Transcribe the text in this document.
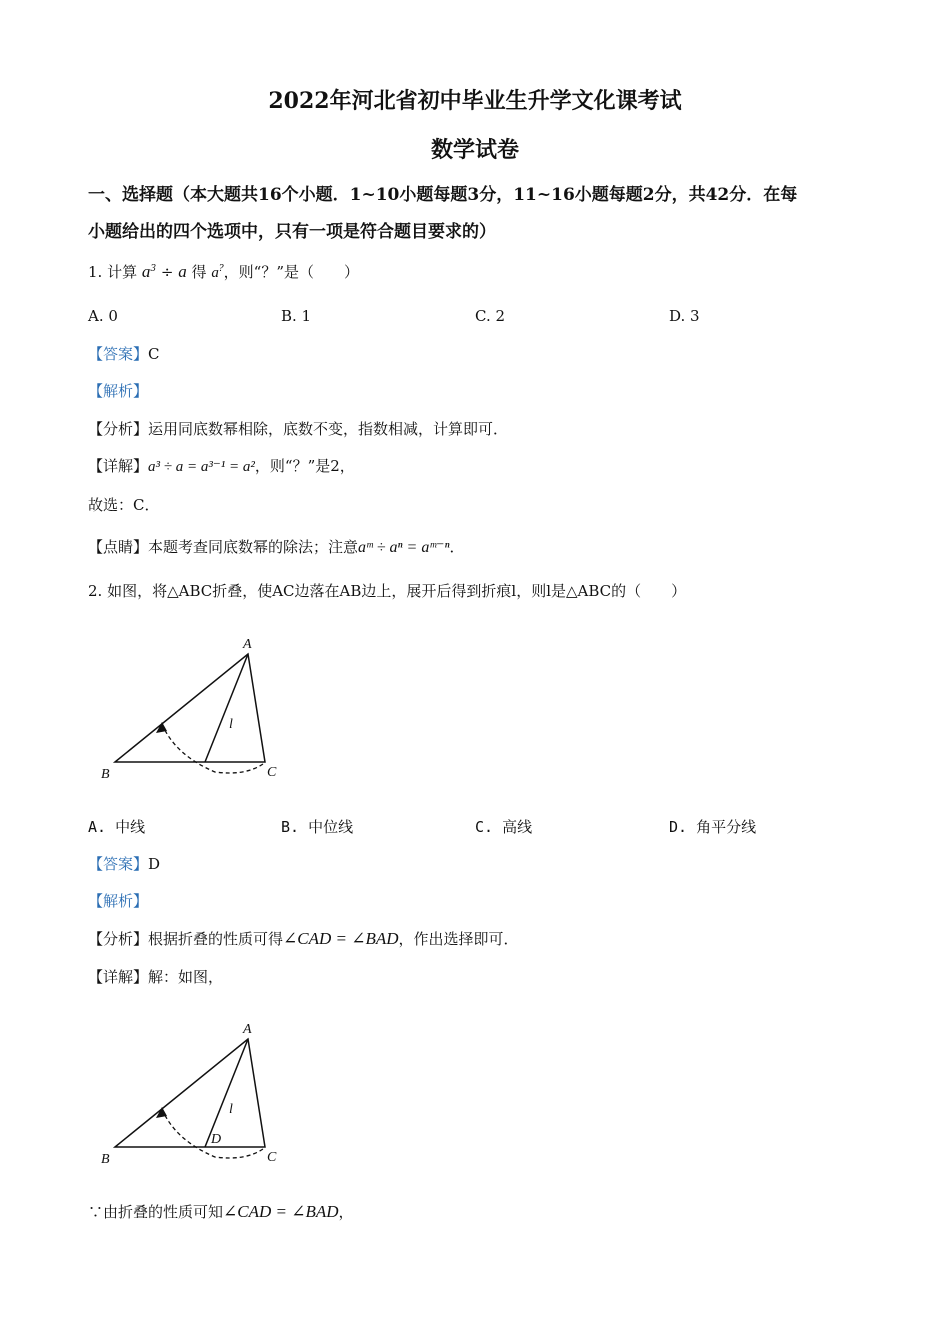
2022年河北省初中毕业生升学文化课考试
数学试卷
一、选择题（本大题共16个小题．1~10小题每题3分，11~16小题每题2分，共42分．在每
小题给出的四个选项中，只有一项是符合题目要求的）
1. 计算 $a^3 \div a$ 得 a?，则“？”是（　　）
A. 0	B. 1	C. 2	D. 3
【答案】C
【解析】
【分析】运用同底数幂相除，底数不变，指数相减，计算即可．
【详解】a³ ÷ a = a³⁻¹ = a²，则“？”是2，
故选：C．
【点睛】本题考查同底数幂的除法；注意aᵐ ÷ aⁿ = aᵐ⁻ⁿ．
2. 如图，将△ABC折叠，使AC边落在AB边上，展开后得到折痕l，则l是△ABC的（　　）
A
B	C
l
A. 中线	B. 中位线	C. 高线	D. 角平分线
【答案】D
【解析】
【分析】根据折叠的性质可得∠CAD = ∠BAD，作出选择即可．
【详解】解：如图，
A
B	C
l
D
∵由折叠的性质可知∠CAD = ∠BAD，
